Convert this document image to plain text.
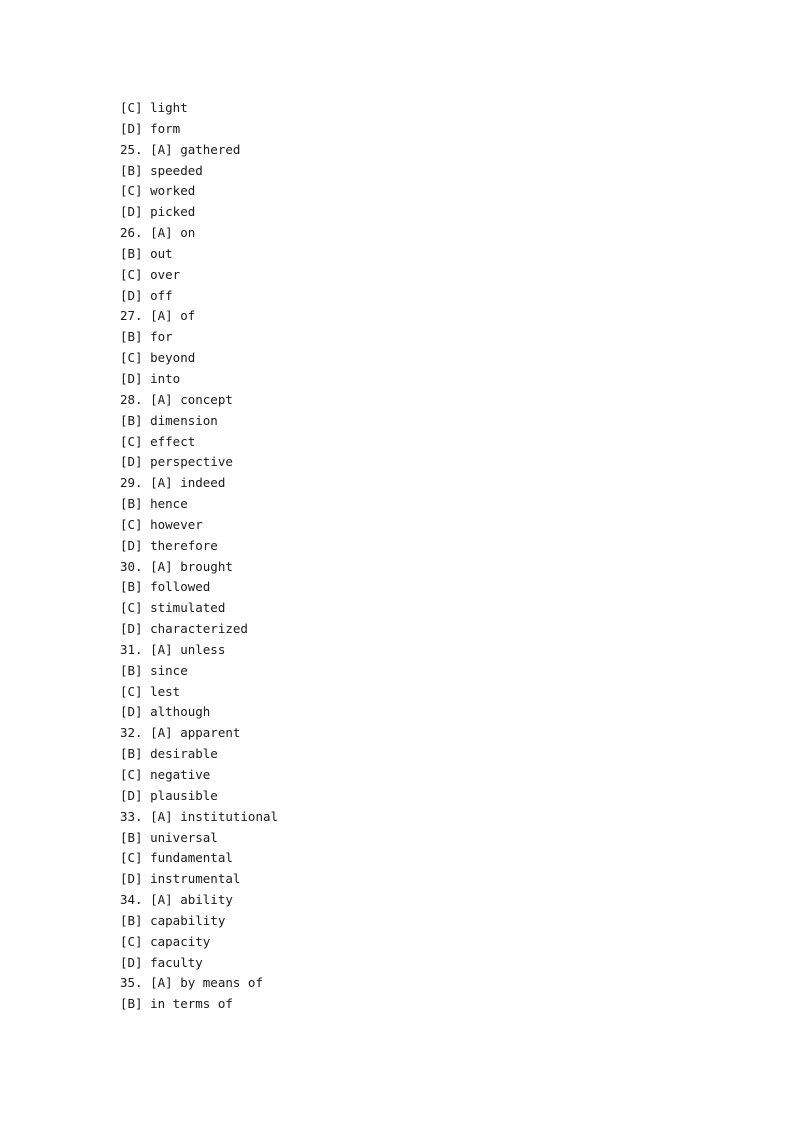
[C] light
[D] form
25. [A] gathered
[B] speeded
[C] worked
[D] picked
26. [A] on
[B] out
[C] over
[D] off
27. [A] of
[B] for
[C] beyond
[D] into
28. [A] concept
[B] dimension
[C] effect
[D] perspective
29. [A] indeed
[B] hence
[C] however
[D] therefore
30. [A] brought
[B] followed
[C] stimulated
[D] characterized
31. [A] unless
[B] since
[C] lest
[D] although
32. [A] apparent
[B] desirable
[C] negative
[D] plausible
33. [A] institutional
[B] universal
[C] fundamental
[D] instrumental
34. [A] ability
[B] capability
[C] capacity
[D] faculty
35. [A] by means of
[B] in terms of
